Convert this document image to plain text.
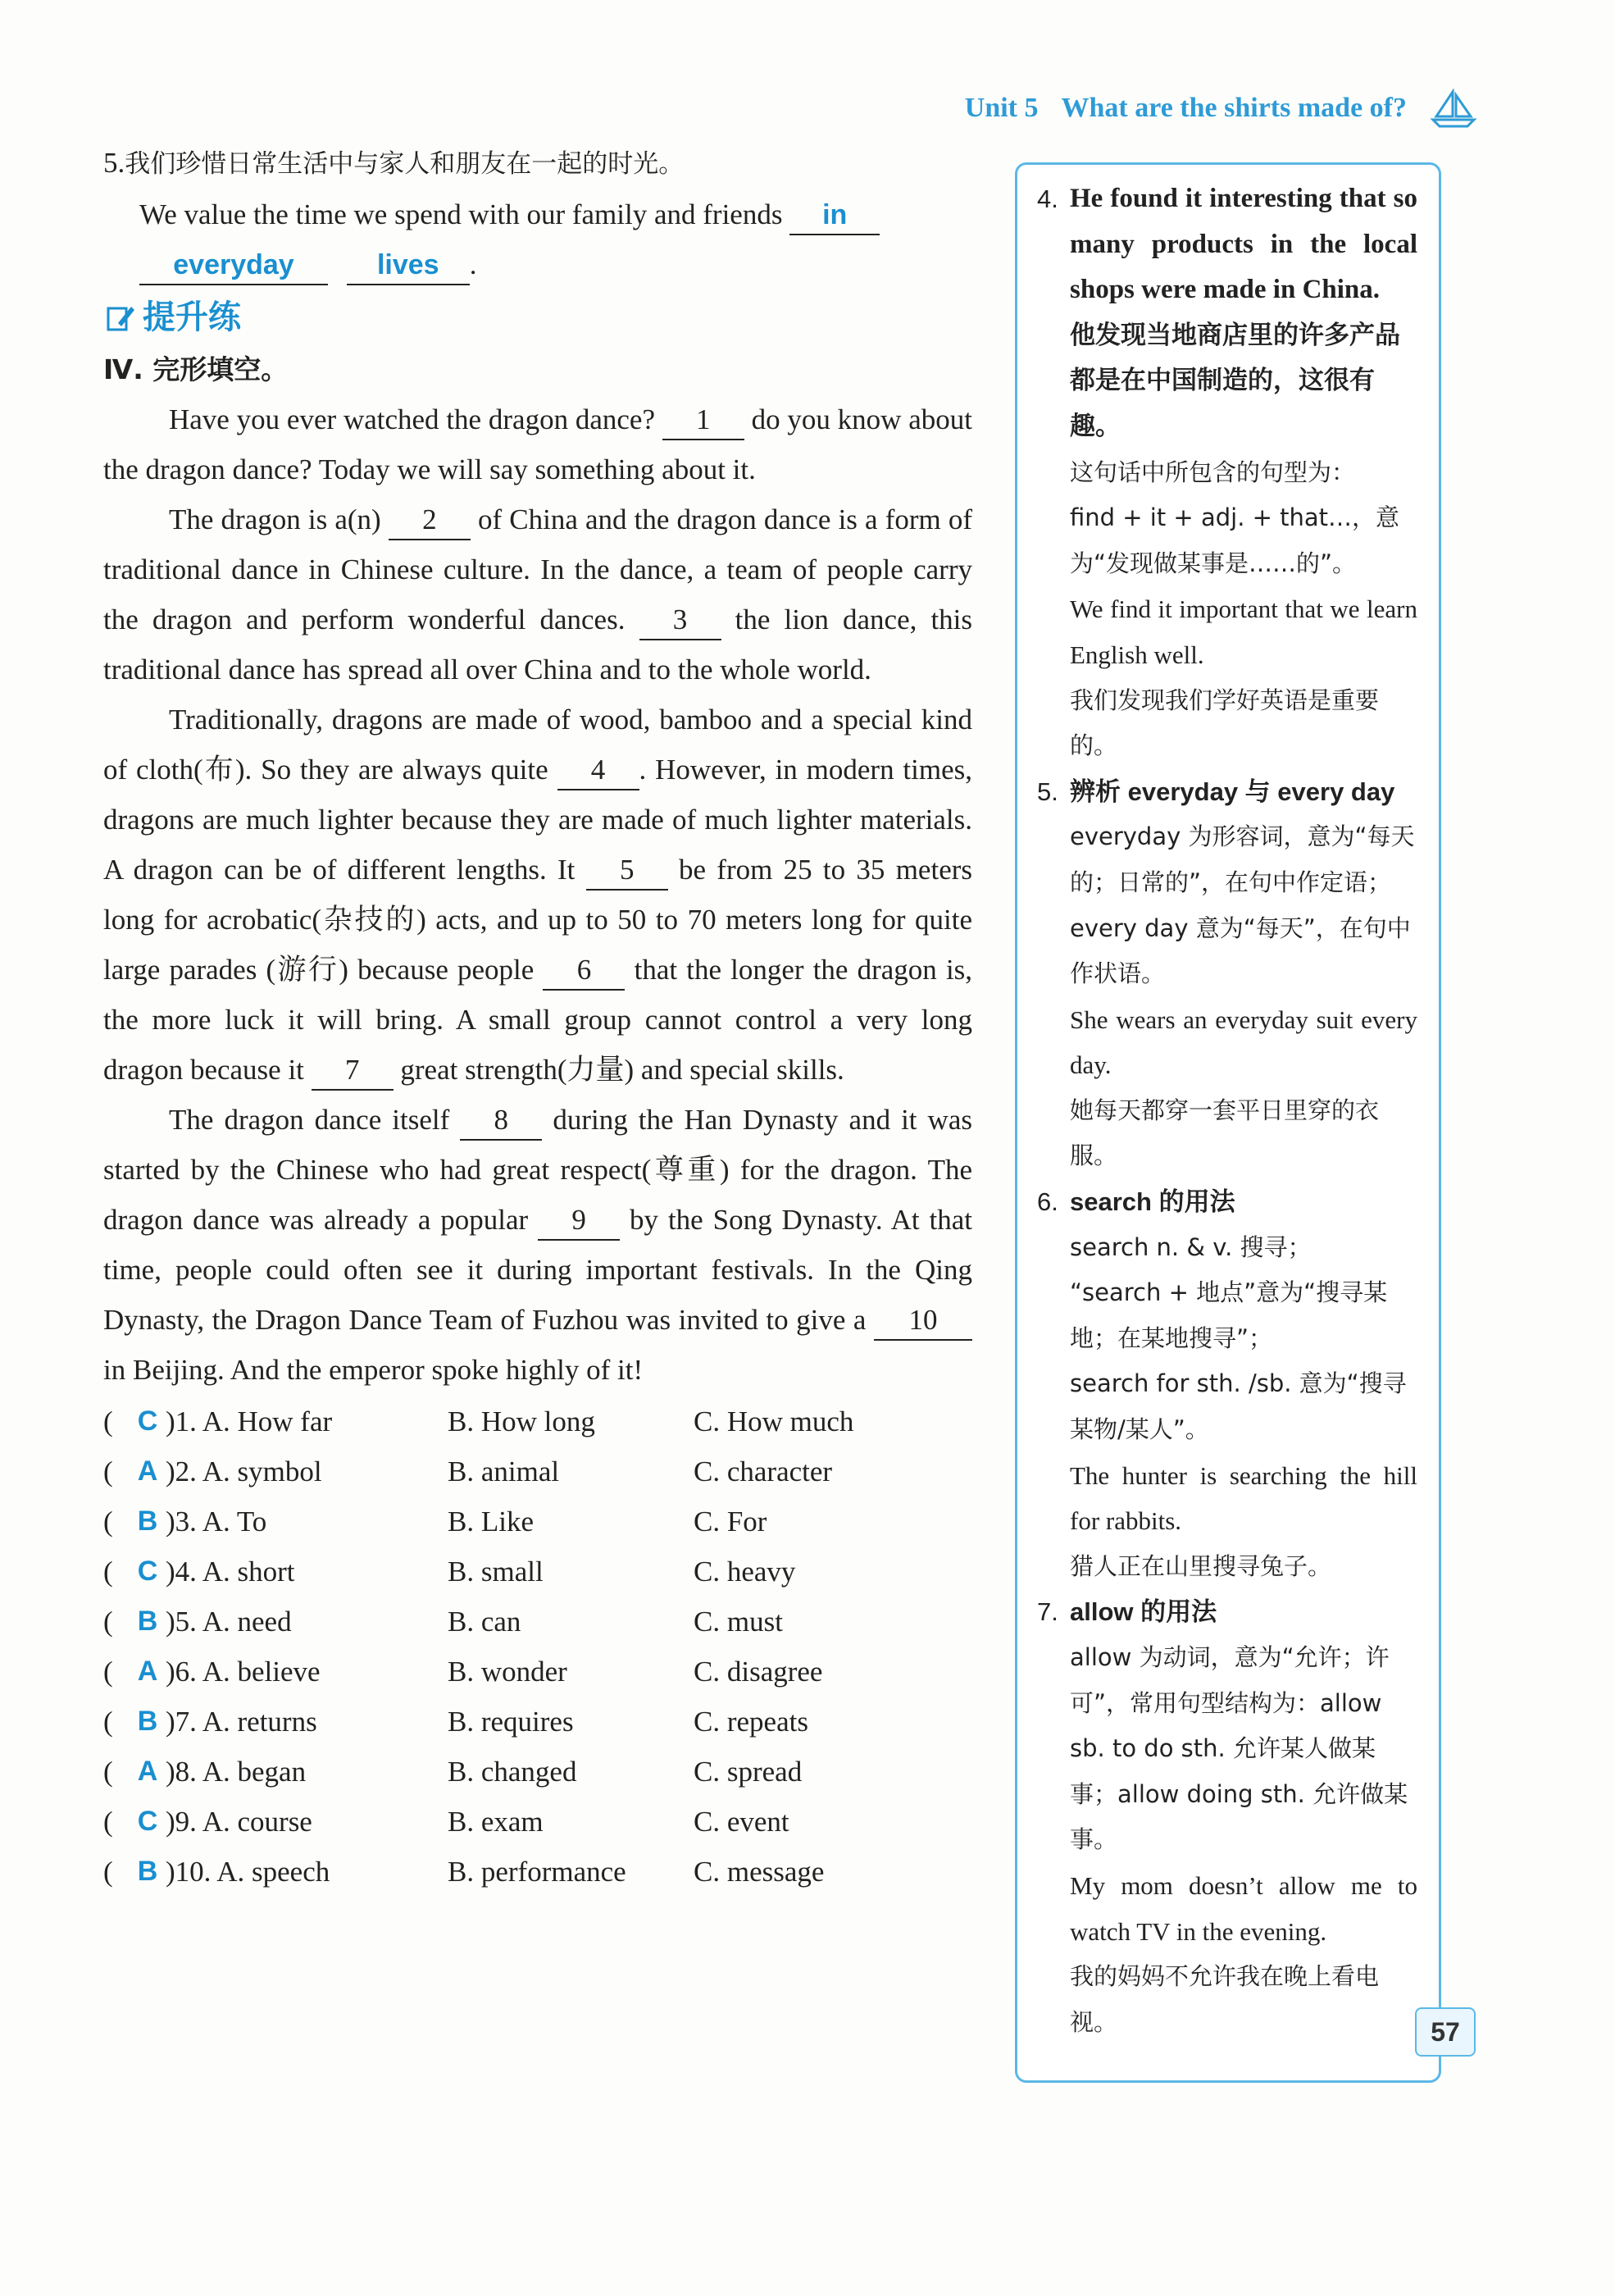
Unit 5 What are the shirts made of?

5.我们珍惜日常生活中与家人和朋友在一起的时光。

We value the time we spend with our family and friends in
everyday	lives .

提升练

Ⅳ. 完形填空。

Have you ever watched the dragon dance? 1 do you know about the dragon dance? Today we will say something about it.

The dragon is a(n) 2 of China and the dragon dance is a form of traditional dance in Chinese culture. In the dance, a team of people carry the dragon and perform wonderful dances. 3 the lion dance, this traditional dance has spread all over China and to the whole world.

Traditionally, dragons are made of wood, bamboo and a special kind of cloth(布). So they are always quite 4 . However, in modern times, dragons are much lighter because they are made of much lighter materials. A dragon can be of different lengths. It 5 be from 25 to 35 meters long for acrobatic(杂技的) acts, and up to 50 to 70 meters long for quite large parades (游行) because people 6 that the longer the dragon is, the more luck it will bring. A small group cannot control a very long dragon because it 7 great strength(力量) and special skills.

The dragon dance itself 8 during the Han Dynasty and it was started by the Chinese who had great respect(尊重) for the dragon. The dragon dance was already a popular 9 by the Song Dynasty. At that time, people could often see it during important festivals. In the Qing Dynasty, the Dragon Dance Team of Fuzhou was invited to give a 10 in Beijing. And the emperor spoke highly of it!

( C ) 1. A. How far	B. How long	C. How much
( A ) 2. A. symbol	B. animal	C. character
( B ) 3. A. To	B. Like	C. For
( C ) 4. A. short	B. small	C. heavy
( B ) 5. A. need	B. can	C. must
( A ) 6. A. believe	B. wonder	C. disagree
( B ) 7. A. returns	B. requires	C. repeats
( A ) 8. A. began	B. changed	C. spread
( C ) 9. A. course	B. exam	C. event
( B ) 10. A. speech	B. performance	C. message
4. He found it interesting that so many products in the local shops were made in China.
他发现当地商店里的许多产品都是在中国制造的，这很有趣。
这句话中所包含的句型为：
find + it + adj. + that…，意为“发现做某事是……的”。
We find it important that we learn English well.
我们发现我们学好英语是重要的。
5. 辨析 everyday 与 every day
everyday 为形容词，意为“每天的；日常的”，在句中作定语；every day 意为“每天”，在句中作状语。
She wears an everyday suit every day.
她每天都穿一套平日里穿的衣服。
6. search 的用法
search n. & v. 搜寻；
“search + 地点”意为“搜寻某地；在某地搜寻”；
search for sth. /sb. 意为“搜寻某物/某人”。
The hunter is searching the hill for rabbits.
猎人正在山里搜寻兔子。
7. allow 的用法
allow 为动词，意为“允许；许可”，常用句型结构为：allow sb. to do sth. 允许某人做某事；allow doing sth. 允许做某事。
My mom doesn’t allow me to watch TV in the evening.
我的妈妈不允许我在晚上看电视。	57
